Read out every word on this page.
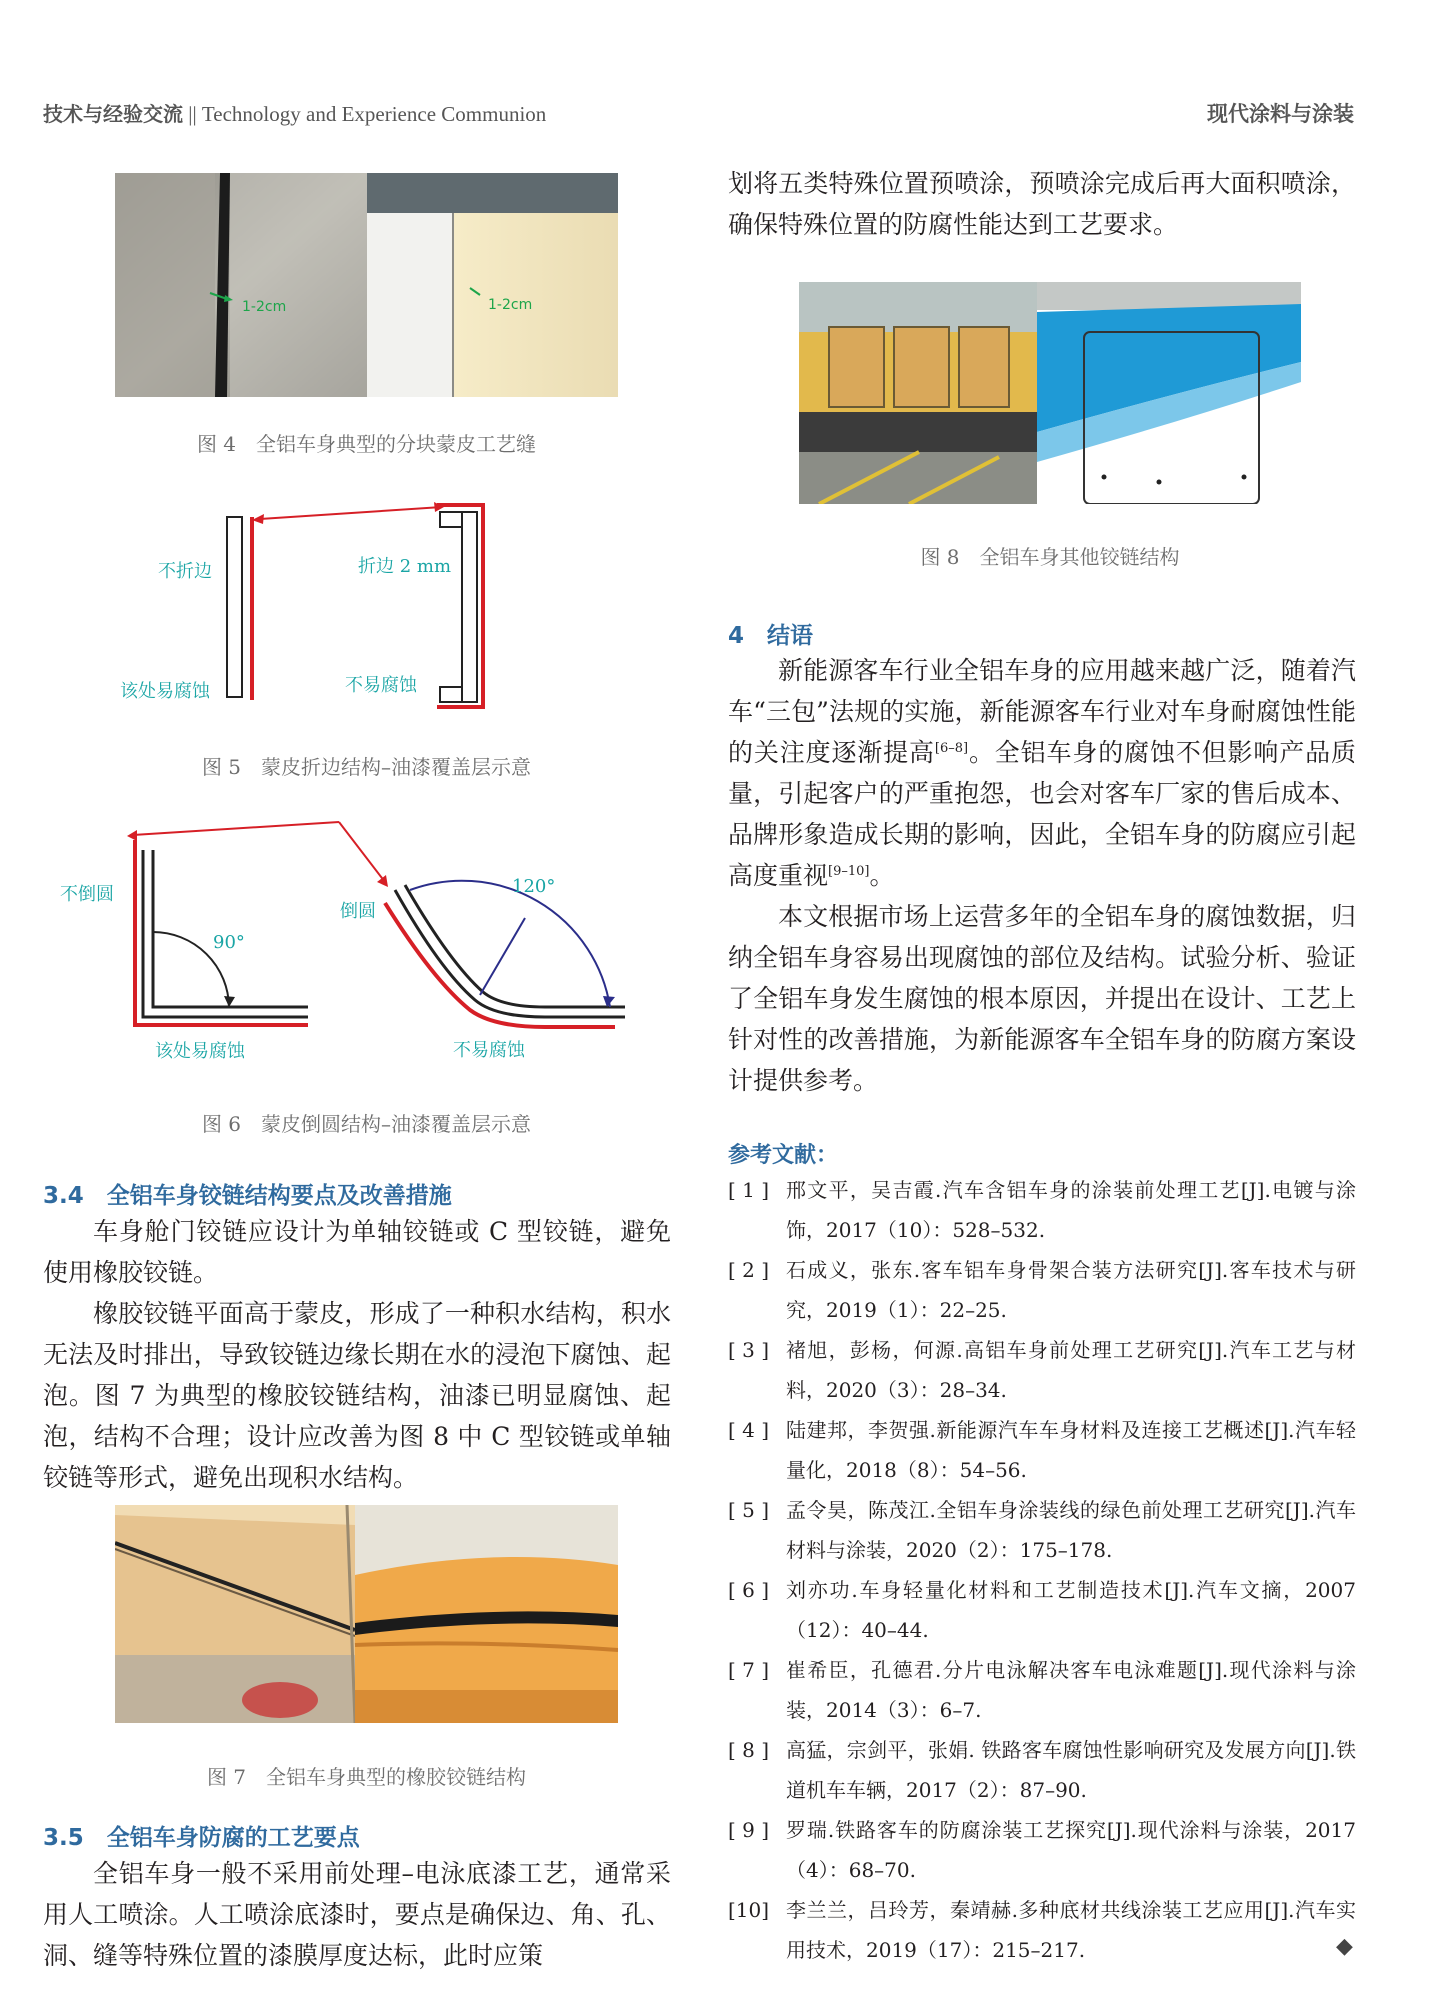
技术与经验交流 || Technology and Experience Communion	现代涂料与涂装
1-2cm	1-2cm
图 4　全铝车身典型的分块蒙皮工艺缝
不折边
该处易腐蚀
折边 2 mm
不易腐蚀
图 5　蒙皮折边结构–油漆覆盖层示意
不倒圆
90°
该处易腐蚀
倒圆
120°
不易腐蚀
图 6　蒙皮倒圆结构–油漆覆盖层示意
3.4　全铝车身铰链结构要点及改善措施

车身舱门铰链应设计为单轴铰链或 C 型铰链，避免使用橡胶铰链。

橡胶铰链平面高于蒙皮，形成了一种积水结构，积水无法及时排出，导致铰链边缘长期在水的浸泡下腐蚀、起泡。图 7 为典型的橡胶铰链结构，油漆已明显腐蚀、起泡，结构不合理；设计应改善为图 8 中 C 型铰链或单轴铰链等形式，避免出现积水结构。

图 7　全铝车身典型的橡胶铰链结构
3.5　全铝车身防腐的工艺要点

全铝车身一般不采用前处理–电泳底漆工艺，通常采用人工喷涂。人工喷涂底漆时，要点是确保边、角、孔、洞、缝等特殊位置的漆膜厚度达标，此时应策

划将五类特殊位置预喷涂，预喷涂完成后再大面积喷涂，确保特殊位置的防腐性能达到工艺要求。

图 8　全铝车身其他铰链结构
4　结语

新能源客车行业全铝车身的应用越来越广泛，随着汽车“三包”法规的实施，新能源客车行业对车身耐腐蚀性能的关注度逐渐提高[6–8]。全铝车身的腐蚀不但影响产品质量，引起客户的严重抱怨，也会对客车厂家的售后成本、品牌形象造成长期的影响，因此，全铝车身的防腐应引起高度重视[9–10]。

本文根据市场上运营多年的全铝车身的腐蚀数据，归纳全铝车身容易出现腐蚀的部位及结构。试验分析、验证了全铝车身发生腐蚀的根本原因，并提出在设计、工艺上针对性的改善措施，为新能源客车全铝车身的防腐方案设计提供参考。

参考文献：
[ 1 ] 邢文平，吴吉霞.汽车含铝车身的涂装前处理工艺[J].电镀与涂饰，2017（10）：528–532.
[ 2 ] 石成义，张东.客车铝车身骨架合装方法研究[J].客车技术与研究，2019（1）：22–25.
[ 3 ] 褚旭，彭杨，何源.高铝车身前处理工艺研究[J].汽车工艺与材料，2020（3）：28–34.
[ 4 ] 陆建邦，李贺强.新能源汽车车身材料及连接工艺概述[J].汽车轻量化，2018（8）：54–56.
[ 5 ] 孟令昊，陈茂江.全铝车身涂装线的绿色前处理工艺研究[J].汽车材料与涂装，2020（2）：175–178.
[ 6 ] 刘亦功.车身轻量化材料和工艺制造技术[J].汽车文摘，2007（12）：40–44.
[ 7 ] 崔希臣，孔德君.分片电泳解决客车电泳难题[J].现代涂料与涂装，2014（3）：6–7.
[ 8 ] 高猛，宗剑平，张娟. 铁路客车腐蚀性影响研究及发展方向[J].铁道机车车辆，2017（2）：87–90.
[ 9 ] 罗瑞.铁路客车的防腐涂装工艺探究[J].现代涂料与涂装，2017（4）：68–70.
[10] 李兰兰，吕玲芳，秦靖赫.多种底材共线涂装工艺应用[J].汽车实用技术，2019（17）：215–217.	◆
